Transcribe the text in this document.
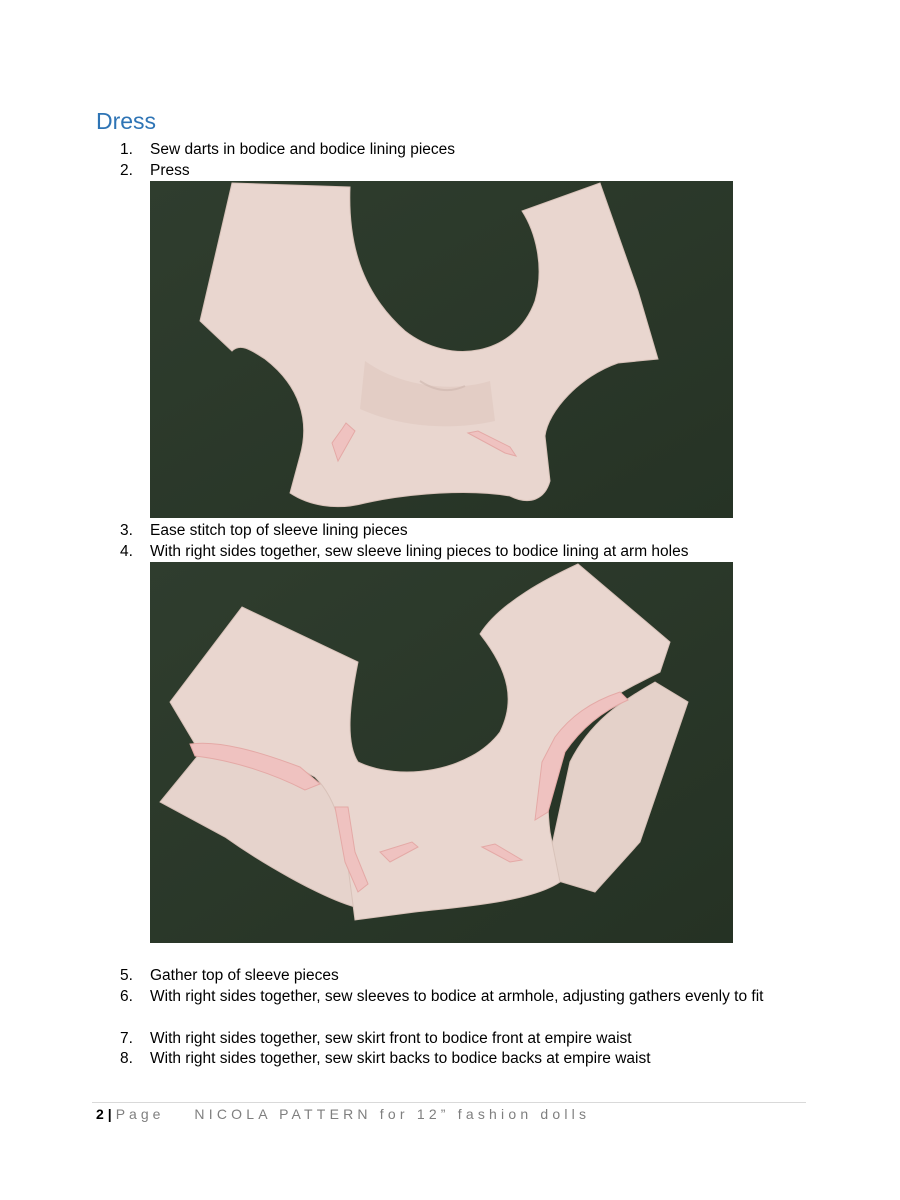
Dress
1.	Sew darts in bodice and bodice lining pieces
2.	Press
3.	Ease stitch top of sleeve lining pieces
4.	With right sides together, sew sleeve lining pieces to bodice lining at arm holes
5.	Gather top of sleeve pieces
6.	With right sides together, sew sleeves to bodice at armhole, adjusting gathers evenly to fit
7.	With right sides together, sew skirt front to bodice front at empire waist
8.	With right sides together, sew skirt backs to bodice backs at empire waist
2 | Page NICOLA PATTERN for 12” fashion dolls
